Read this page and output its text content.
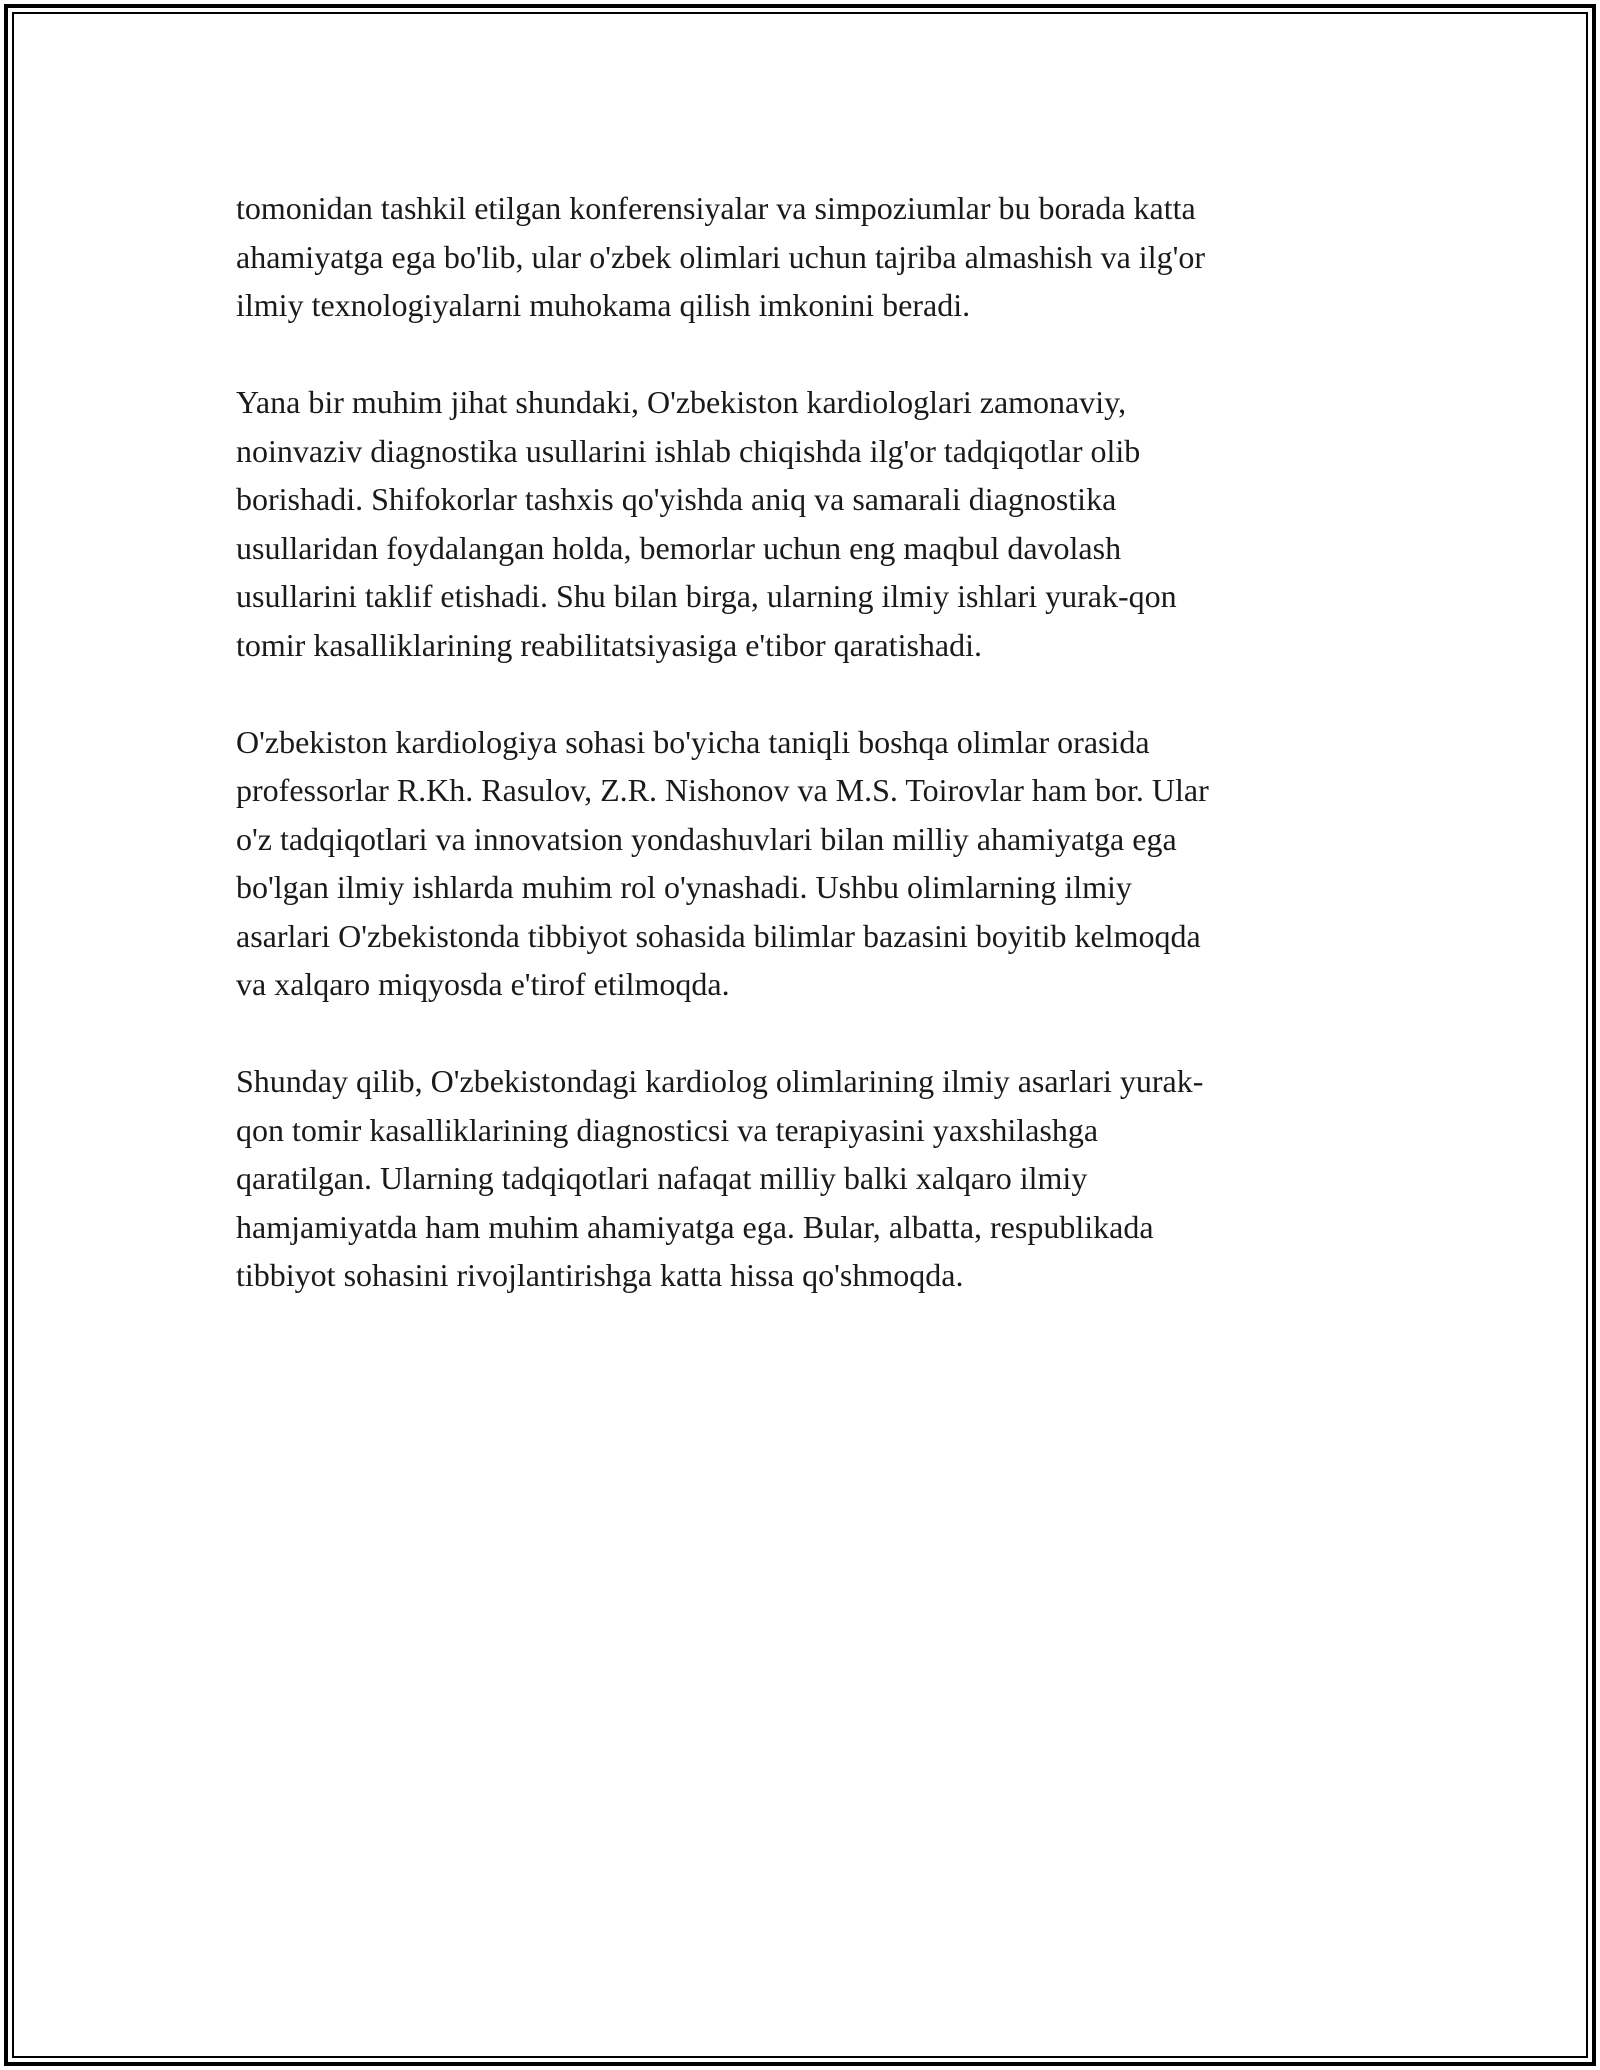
tomonidan tashkil etilgan konferensiyalar va simpoziumlar bu borada katta
ahamiyatga ega bo'lib, ular o'zbek olimlari uchun tajriba almashish va ilg'or
ilmiy texnologiyalarni muhokama qilish imkonini beradi.

Yana bir muhim jihat shundaki, O'zbekiston kardiologlari zamonaviy,
noinvaziv diagnostika usullarini ishlab chiqishda ilg'or tadqiqotlar olib
borishadi. Shifokorlar tashxis qo'yishda aniq va samarali diagnostika
usullaridan foydalangan holda, bemorlar uchun eng maqbul davolash
usullarini taklif etishadi. Shu bilan birga, ularning ilmiy ishlari yurak-qon
tomir kasalliklarining reabilitatsiyasiga e'tibor qaratishadi.

O'zbekiston kardiologiya sohasi bo'yicha taniqli boshqa olimlar orasida
professorlar R.Kh. Rasulov, Z.R. Nishonov va M.S. Toirovlar ham bor. Ular
o'z tadqiqotlari va innovatsion yondashuvlari bilan milliy ahamiyatga ega
bo'lgan ilmiy ishlarda muhim rol o'ynashadi. Ushbu olimlarning ilmiy
asarlari O'zbekistonda tibbiyot sohasida bilimlar bazasini boyitib kelmoqda
va xalqaro miqyosda e'tirof etilmoqda.

Shunday qilib, O'zbekistondagi kardiolog olimlarining ilmiy asarlari yurak-
qon tomir kasalliklarining diagnosticsi va terapiyasini yaxshilashga
qaratilgan. Ularning tadqiqotlari nafaqat milliy balki xalqaro ilmiy
hamjamiyatda ham muhim ahamiyatga ega. Bular, albatta, respublikada
tibbiyot sohasini rivojlantirishga katta hissa qo'shmoqda.
